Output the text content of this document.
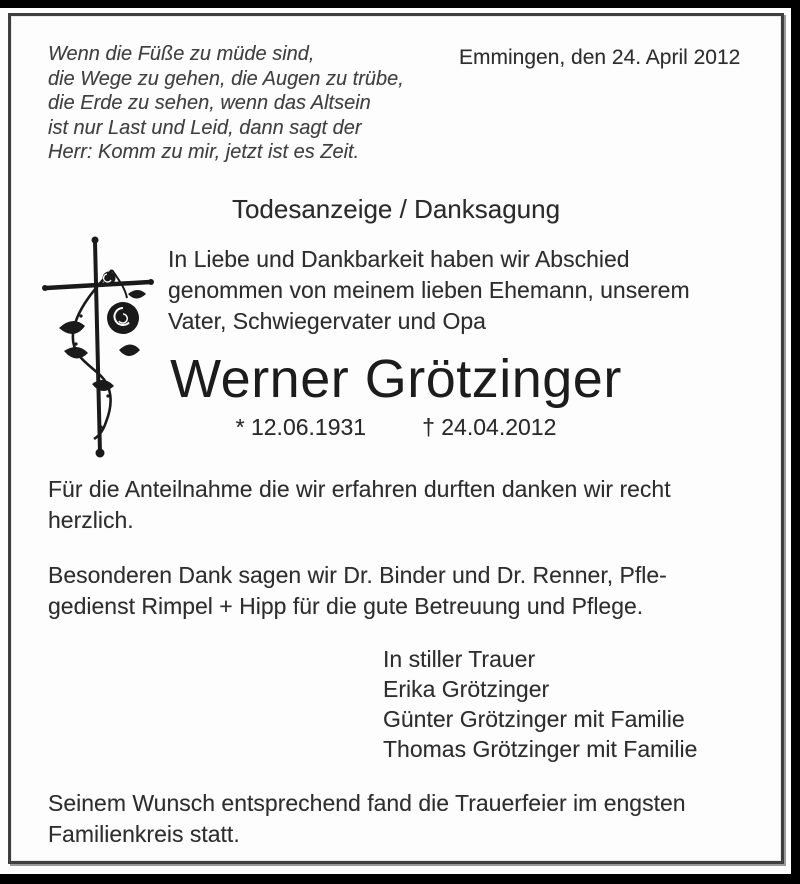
Wenn die Füße zu müde sind,
die Wege zu gehen, die Augen zu trübe,
die Erde zu sehen, wenn das Altsein
ist nur Last und Leid, dann sagt der
Herr: Komm zu mir, jetzt ist es Zeit.
Emmingen, den 24. April 2012
Todesanzeige / Danksagung
In Liebe und Dankbarkeit haben wir Abschied
genommen von meinem lieben Ehemann, unserem
Vater, Schwiegervater und Opa
Werner Grötzinger
* 12.06.1931 † 24.04.2012
Für die Anteilnahme die wir erfahren durften danken wir recht
herzlich.
Besonderen Dank sagen wir Dr. Binder und Dr. Renner, Pfle-
gedienst Rimpel + Hipp für die gute Betreuung und Pflege.
In stiller Trauer
Erika Grötzinger
Günter Grötzinger mit Familie
Thomas Grötzinger mit Familie
Seinem Wunsch entsprechend fand die Trauerfeier im engsten
Familienkreis statt.
